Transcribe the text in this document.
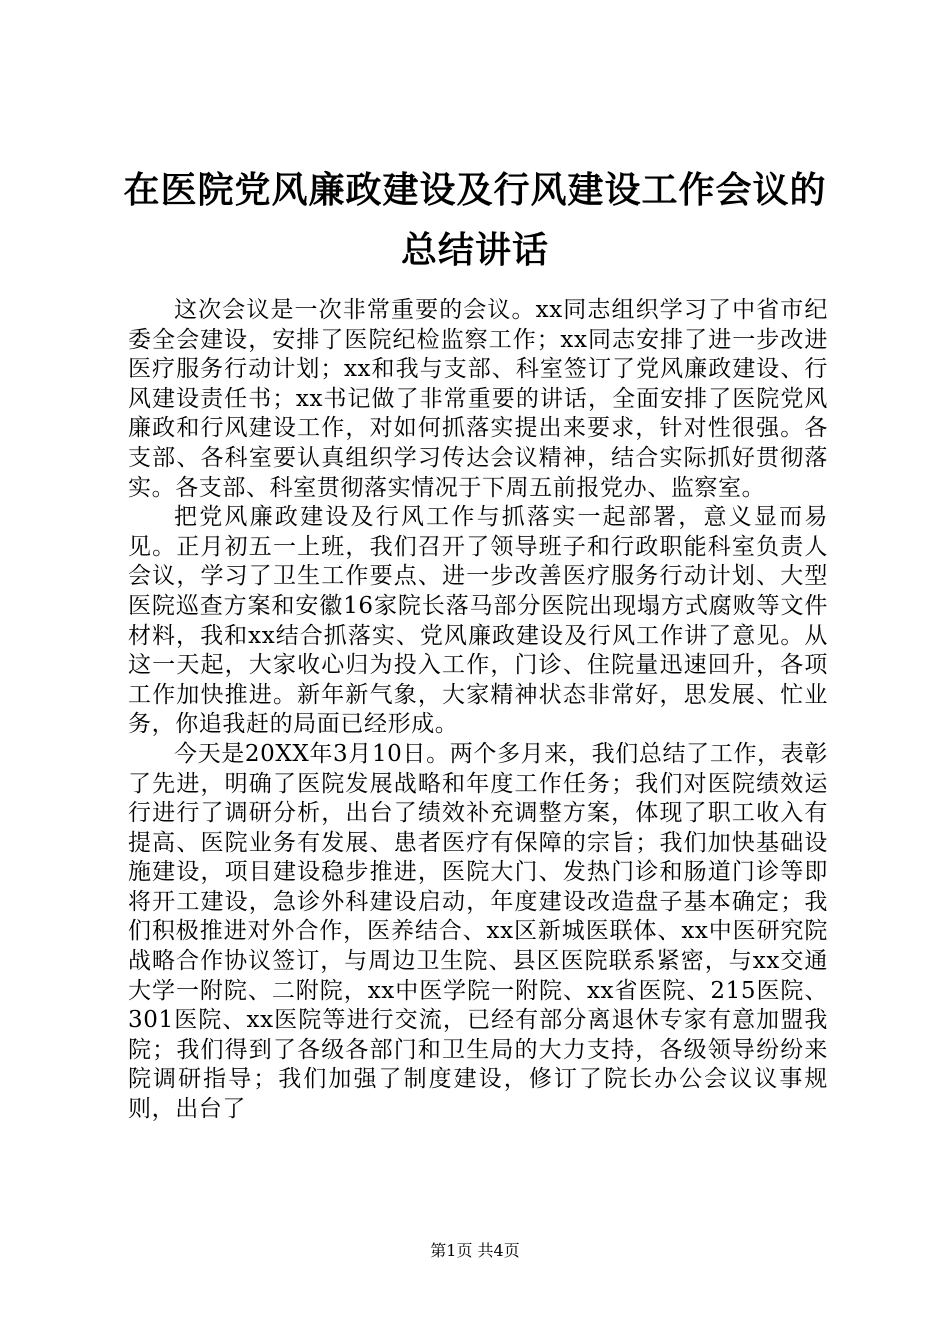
在医院党风廉政建设及行风建设工作会议的总结讲话

这次会议是一次非常重要的会议。xx同志组织学习了中省市纪委全会建设，安排了医院纪检监察工作；xx同志安排了进一步改进医疗服务行动计划；xx和我与支部、科室签订了党风廉政建设、行风建设责任书；xx书记做了非常重要的讲话，全面安排了医院党风廉政和行风建设工作，对如何抓落实提出来要求，针对性很强。各支部、各科室要认真组织学习传达会议精神，结合实际抓好贯彻落实。各支部、科室贯彻落实情况于下周五前报党办、监察室。

把党风廉政建设及行风工作与抓落实一起部署，意义显而易见。正月初五一上班，我们召开了领导班子和行政职能科室负责人会议，学习了卫生工作要点、进一步改善医疗服务行动计划、大型医院巡查方案和安徽16家院长落马部分医院出现塌方式腐败等文件材料，我和xx结合抓落实、党风廉政建设及行风工作讲了意见。从这一天起，大家收心归为投入工作，门诊、住院量迅速回升，各项工作加快推进。新年新气象，大家精神状态非常好，思发展、忙业务，你追我赶的局面已经形成。

今天是20XX年3月10日。两个多月来，我们总结了工作，表彰了先进，明确了医院发展战略和年度工作任务；我们对医院绩效运行进行了调研分析，出台了绩效补充调整方案，体现了职工收入有提高、医院业务有发展、患者医疗有保障的宗旨；我们加快基础设施建设，项目建设稳步推进，医院大门、发热门诊和肠道门诊等即将开工建设，急诊外科建设启动，年度建设改造盘子基本确定；我们积极推进对外合作，医养结合、xx区新城医联体、xx中医研究院战略合作协议签订，与周边卫生院、县区医院联系紧密，与xx交通大学一附院、二附院，xx中医学院一附院、xx省医院、215医院、301医院、xx医院等进行交流，已经有部分离退休专家有意加盟我院；我们得到了各级各部门和卫生局的大力支持，各级领导纷纷来院调研指导；我们加强了制度建设，修订了院长办公会议议事规则，出台了

第1页 共4页
